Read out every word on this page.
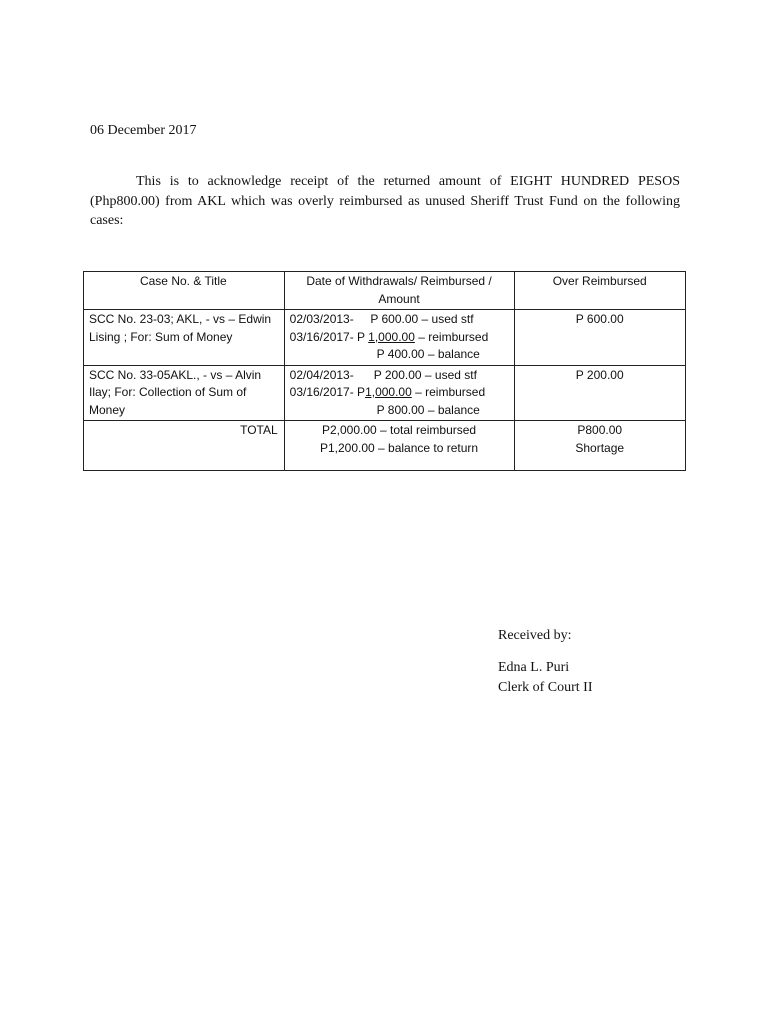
06 December 2017
This is to acknowledge receipt of the returned amount of EIGHT HUNDRED PESOS (Php800.00) from AKL which was overly reimbursed as unused Sheriff Trust Fund on the following cases:
Case No. & Title	Date of Withdrawals/ Reimbursed / Amount	Over Reimbursed
SCC No. 23-03; AKL, - vs – Edwin Lising ; For: Sum of Money	02/03/2013- P 600.00 – used stf
03/16/2017- P 1,000.00 – reimbursed
P 400.00 – balance	P 600.00
SCC No. 33-05AKL., - vs – Alvin Ilay; For: Collection of Sum of Money	02/04/2013- P 200.00 – used stf
03/16/2017- P1,000.00 – reimbursed
P 800.00 – balance	P 200.00
TOTAL	P2,000.00 – total reimbursed
P1,200.00 – balance to return	P800.00
Shortage
Received by:
Edna L. Puri
Clerk of Court II
